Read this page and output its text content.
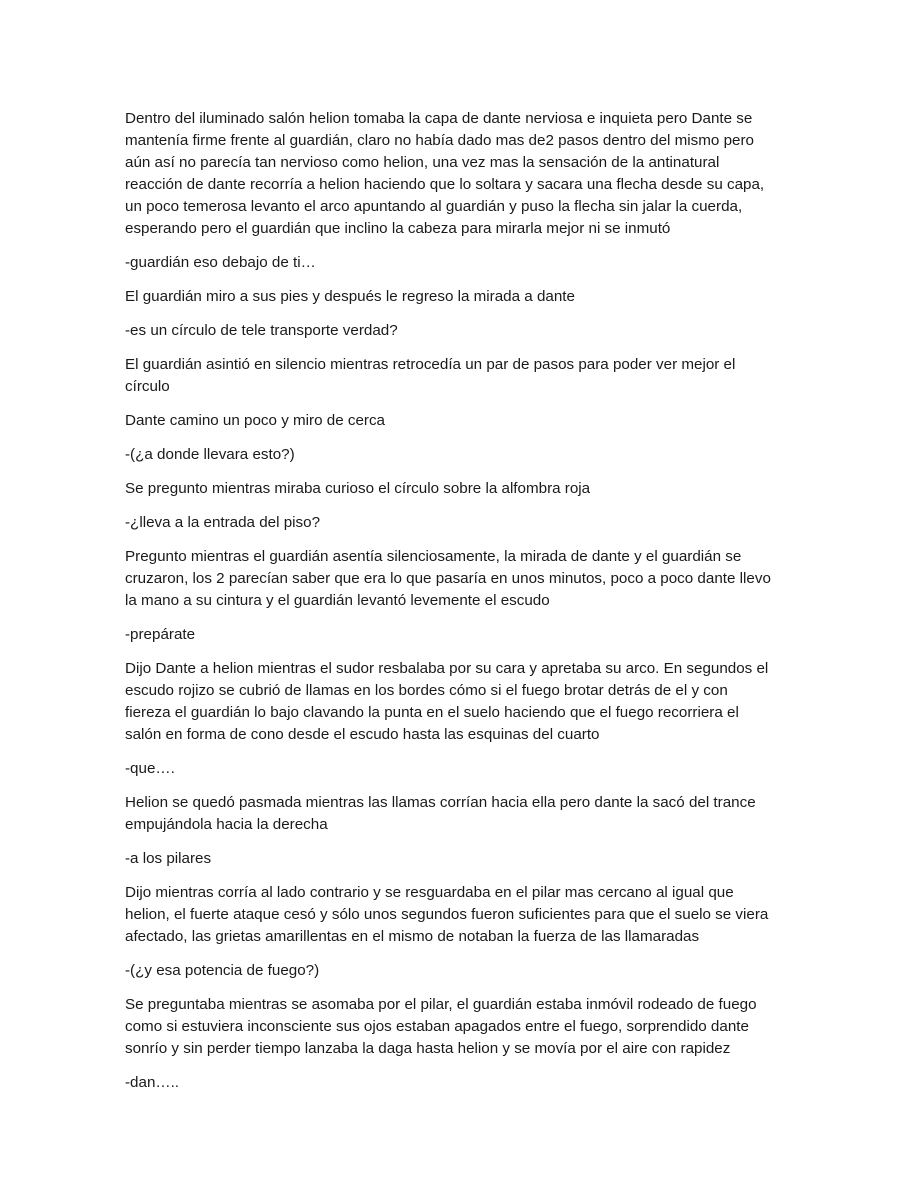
Dentro del iluminado salón helion tomaba la capa de dante nerviosa e inquieta pero Dante se mantenía firme frente al guardián, claro no había dado mas de2 pasos dentro del mismo pero aún así no parecía tan nervioso como helion, una vez mas la sensación de la antinatural reacción de dante recorría a helion haciendo que lo soltara y sacara una flecha desde su capa, un poco temerosa levanto el arco apuntando al guardián y puso la flecha sin jalar la cuerda, esperando pero el guardián que inclino la cabeza para mirarla mejor ni se inmutó

-guardián eso debajo de ti…

El guardián miro a sus pies y después le regreso la mirada a dante

-es un círculo de tele transporte verdad?

El guardián asintió en silencio mientras retrocedía un par de pasos para poder ver mejor el círculo

Dante camino un poco y miro de cerca

-(¿a donde llevara esto?)

Se pregunto mientras miraba curioso el círculo sobre la alfombra roja

-¿lleva a la entrada del piso?

Pregunto mientras el guardián asentía silenciosamente, la mirada de dante y el guardián se cruzaron, los 2 parecían saber que era lo que pasaría en unos minutos, poco a poco dante llevo la mano a su cintura y el guardián levantó levemente el escudo

-prepárate

Dijo Dante a helion mientras el sudor resbalaba por su cara y apretaba su arco. En segundos el escudo rojizo se cubrió de llamas en los bordes cómo si el fuego brotar detrás de el y con fiereza el guardián lo bajo clavando la punta en el suelo haciendo que el fuego recorriera el salón en forma de cono desde el escudo hasta las esquinas del cuarto

-que….

Helion se quedó pasmada mientras las llamas corrían hacia ella pero dante la sacó del trance empujándola hacia la derecha

-a los pilares

Dijo mientras corría al lado contrario y se resguardaba en el pilar mas cercano al igual que helion, el fuerte ataque cesó y sólo unos segundos fueron suficientes para que el suelo se viera afectado, las grietas amarillentas en el mismo de notaban la fuerza de las llamaradas

-(¿y esa potencia de fuego?)

Se preguntaba mientras se asomaba por el pilar, el guardián estaba inmóvil rodeado de fuego como si estuviera inconsciente sus ojos estaban apagados entre el fuego, sorprendido dante sonrío y sin perder tiempo lanzaba la daga hasta helion y se movía por el aire con rapidez

-dan…..
